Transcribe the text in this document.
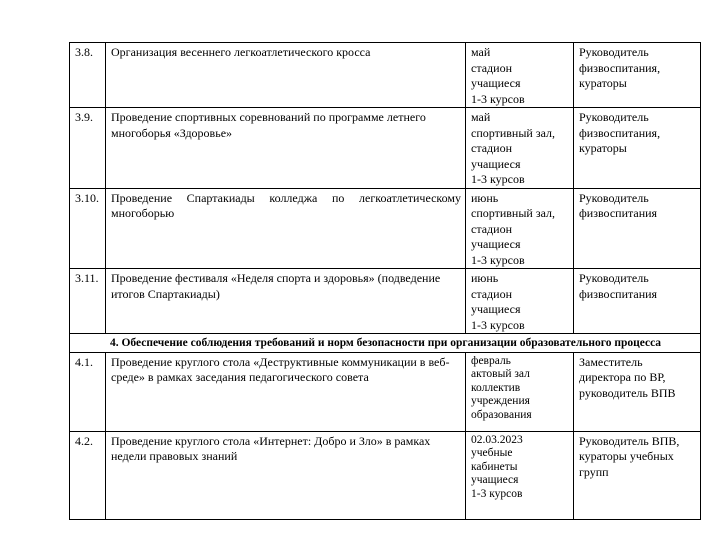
3.8.	Организация весеннего легкоатлетического кросса	май
стадион
учащиеся
1-3 курсов	Руководитель
физвоспитания,
кураторы

3.9.	Проведение спортивных соревнований по программе летнего многоборья «Здоровье»	май
спортивный зал,
стадион
учащиеся
1-3 курсов	Руководитель
физвоспитания,
кураторы

3.10.	Проведение Спартакиады колледжа по легкоатлетическому многоборью	июнь
спортивный зал,
стадион
учащиеся
1-3 курсов	Руководитель
физвоспитания

3.11.	Проведение фестиваля «Неделя спорта и здоровья» (подведение итогов Спартакиады)	июнь
стадион
учащиеся
1-3 курсов	Руководитель
физвоспитания

4. Обеспечение соблюдения требований и норм безопасности при организации образовательного процесса			
4.1.	Проведение круглого стола «Деструктивные коммуникации в веб-среде» в рамках заседания педагогического совета	февраль
актовый зал
коллектив
учреждения
образования	Заместитель
директора по ВР,
руководитель ВПВ

4.2.	Проведение круглого стола «Интернет: Добро и Зло» в рамках недели правовых знаний	02.03.2023
учебные
кабинеты
учащиеся
1-3 курсов	Руководитель ВПВ,
кураторы учебных
групп
